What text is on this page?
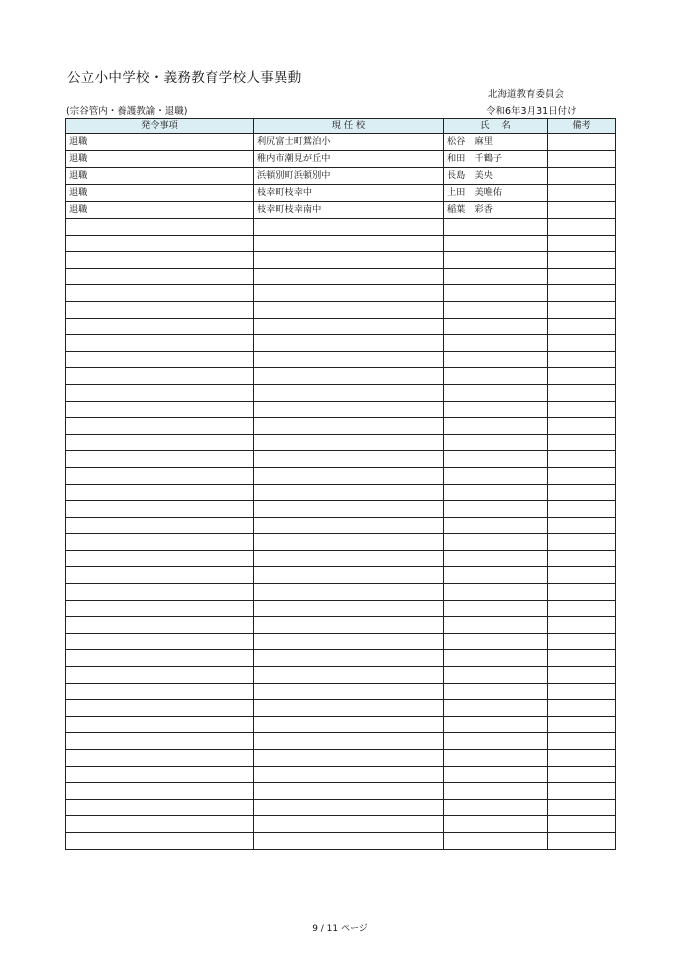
公立小中学校・義務教育学校人事異動
北海道教育委員会
(宗谷管内・養護教諭・退職)	令和6年3月31日付け
発令事項	現 任 校	氏　 名	備考
退職	利尻富士町鴛泊小	松谷　麻里	
退職	稚内市潮見が丘中	和田　千鶴子	
退職	浜頓別町浜頓別中	長島　美央	
退職	枝幸町枝幸中	上田　美唯佑	
退職	枝幸町枝幸南中	稲葉　彩香	

9 / 11 ページ
